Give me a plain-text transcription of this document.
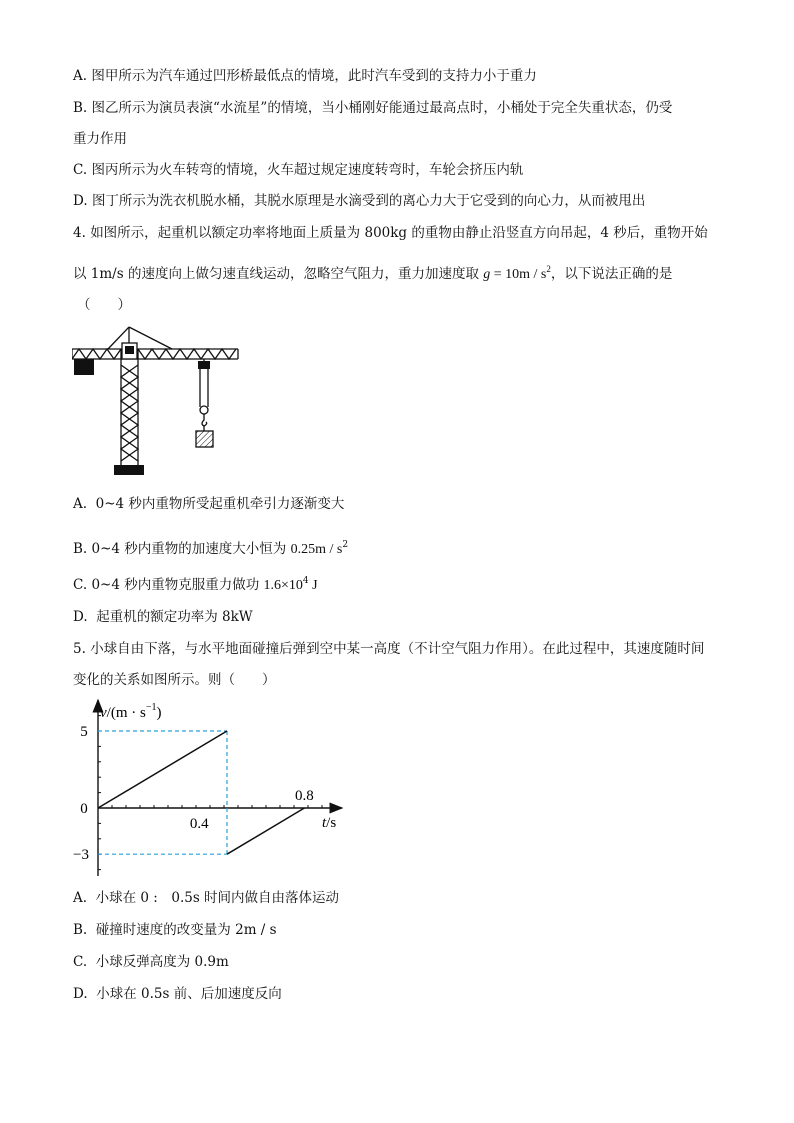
A. 图甲所示为汽车通过凹形桥最低点的情境，此时汽车受到的支持力小于重力
B. 图乙所示为演员表演“水流星”的情境，当小桶刚好能通过最高点时，小桶处于完全失重状态，仍受
重力作用
C. 图丙所示为火车转弯的情境，火车超过规定速度转弯时，车轮会挤压内轨
D. 图丁所示为洗衣机脱水桶，其脱水原理是水滴受到的离心力大于它受到的向心力，从而被甩出
4. 如图所示，起重机以额定功率将地面上质量为 800kg 的重物由静止沿竖直方向吊起，4 秒后，重物开始
以 1m/s 的速度向上做匀速直线运动，忽略空气阻力，重力加速度取 $g = 10m / s^2$，以下说法正确的是
（　　）
A. 0~4 秒内重物所受起重机牵引力逐渐变大
B. 0~4 秒内重物的加速度大小恒为 $0.25m / s^2$
C. 0~4 秒内重物克服重力做功 $1.6\times 10^4$ J
D. 起重机的额定功率为 8kW
5. 小球自由下落，与水平地面碰撞后弹到空中某一高度（不计空气阻力作用）。在此过程中，其速度随时间
变化的关系如图所示。则（　　）
$v/(m \cdot s^{-1})$
5
0
−3
0.4
0.8
t/s
A. 小球在 0 :　0.5s 时间内做自由落体运动
B. 碰撞时速度的改变量为 2m / s
C. 小球反弹高度为 0.9m
D. 小球在 0.5s 前、后加速度反向
